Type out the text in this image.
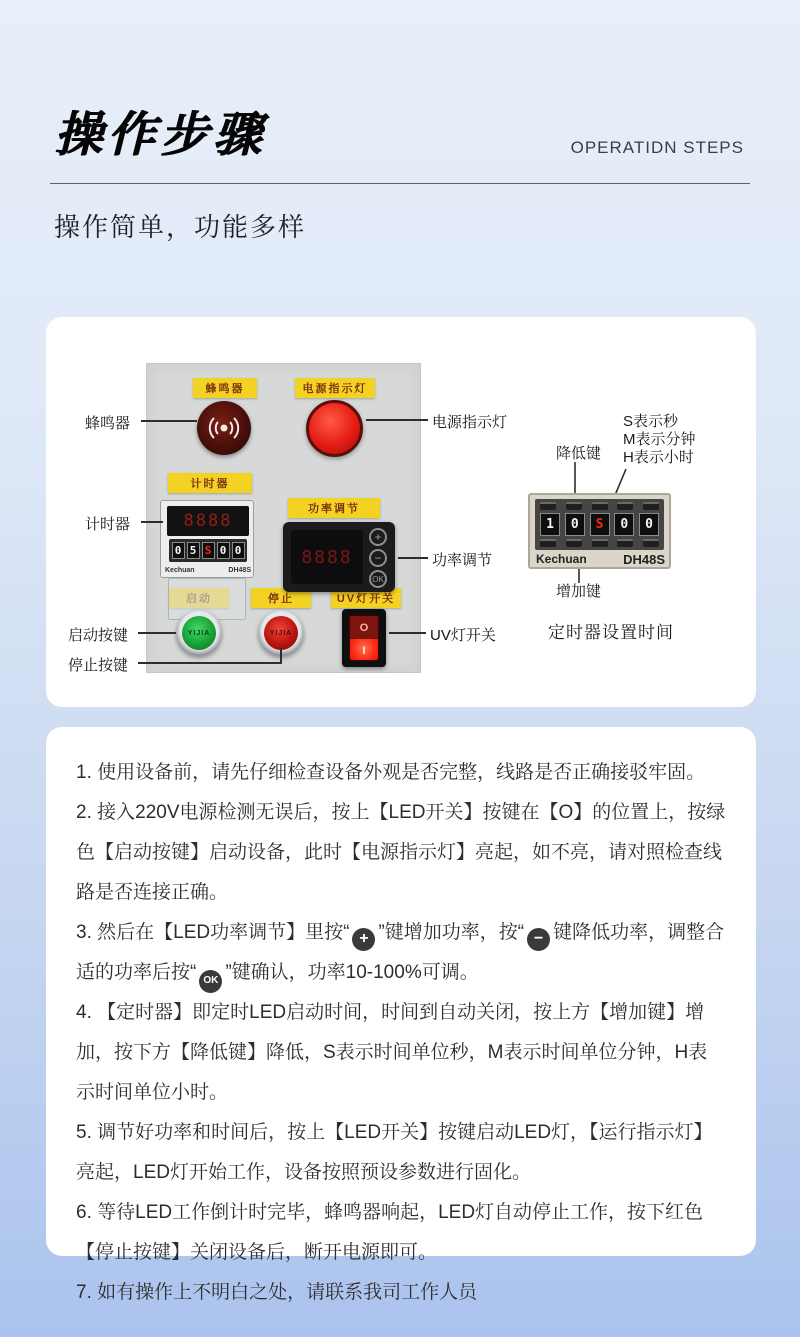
操作步骤	OPERATIDN STEPS
操作简单，功能多样
蜂鸣器	电源指示灯
计时器
功率调节
停止	UV灯开关
8888
0 5 S 0 0
Kechuan	DH48S
8888
+
−
OK
YIJIA	YIJIA	O
I
蜂鸣器
计时器
启动按键
停止按键
电源指示灯
功率调节
UV灯开关
降低键
S表示秒
M表示分钟
H表示小时
1	0	S	0	0
Kechuan	DH48S
增加键
定时器设置时间

1. 使用设备前，请先仔细检查设备外观是否完整，线路是否正确接驳牢固。

2. 接入220V电源检测无误后，按上【LED开关】按键在【O】的位置上，按绿色【启动按键】启动设备，此时【电源指示灯】亮起，如不亮，请对照检查线路是否连接正确。

3. 然后在【LED功率调节】里按“ + ”键增加功率，按“ − 键降低功率，调整合适的功率后按“ OK ”键确认，功率10-100%可调。

4. 【定时器】即定时LED启动时间，时间到自动关闭，按上方【增加键】增加，按下方【降低键】降低，S表示时间单位秒，M表示时间单位分钟，H表示时间单位小时。

5. 调节好功率和时间后，按上【LED开关】按键启动LED灯，【运行指示灯】亮起，LED灯开始工作，设备按照预设参数进行固化。

6. 等待LED工作倒计时完毕，蜂鸣器响起，LED灯自动停止工作，按下红色【停止按键】关闭设备后，断开电源即可。

7. 如有操作上不明白之处，请联系我司工作人员
